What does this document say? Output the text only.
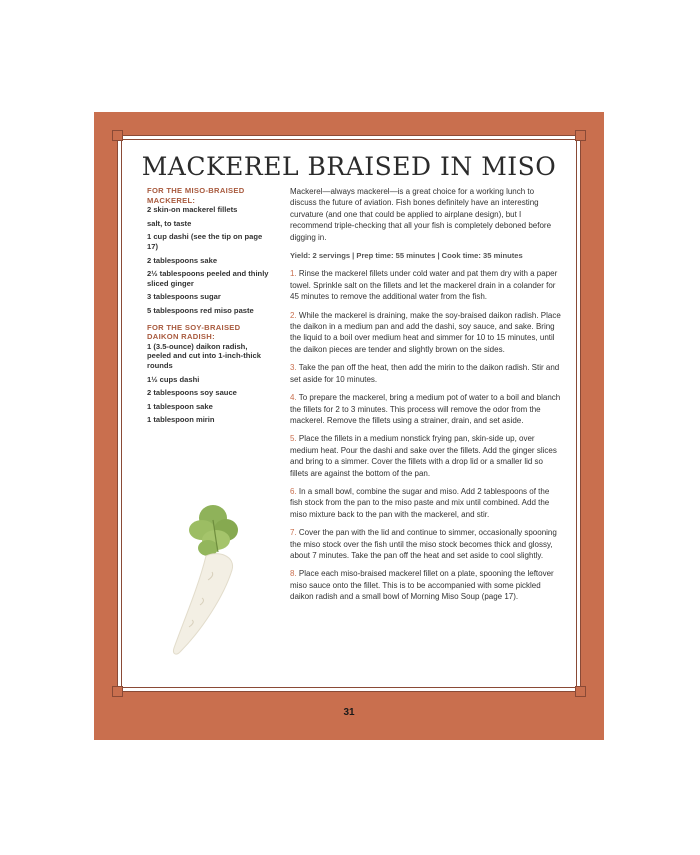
MACKEREL BRAISED IN MISO
FOR THE MISO-BRAISED MACKEREL:
2 skin-on mackerel fillets
salt, to taste
1 cup dashi (see the tip on page 17)
2 tablespoons sake
2½ tablespoons peeled and thinly sliced ginger
3 tablespoons sugar
5 tablespoons red miso paste
FOR THE SOY-BRAISED DAIKON RADISH:
1 (3.5-ounce) daikon radish, peeled and cut into 1-inch-thick rounds
1½ cups dashi
2 tablespoons soy sauce
1 tablespoon sake
1 tablespoon mirin

Mackerel—always mackerel—is a great choice for a working lunch to discuss the future of aviation. Fish bones definitely have an interesting curvature (and one that could be applied to airplane design), but I recommend triple-checking that all your fish is completely deboned before digging in.

Yield: 2 servings | Prep time: 55 minutes | Cook time: 35 minutes

1. Rinse the mackerel fillets under cold water and pat them dry with a paper towel. Sprinkle salt on the fillets and let the mackerel drain in a colander for 45 minutes to remove the additional water from the fish.

2. While the mackerel is draining, make the soy-braised daikon radish. Place the daikon in a medium pan and add the dashi, soy sauce, and sake. Bring the liquid to a boil over medium heat and simmer for 10 to 15 minutes, until the daikon pieces are tender and slightly brown on the sides.

3. Take the pan off the heat, then add the mirin to the daikon radish. Stir and set aside for 10 minutes.

4. To prepare the mackerel, bring a medium pot of water to a boil and blanch the fillets for 2 to 3 minutes. This process will remove the odor from the mackerel. Remove the fillets using a strainer, drain, and set aside.

5. Place the fillets in a medium nonstick frying pan, skin-side up, over medium heat. Pour the dashi and sake over the fillets. Add the ginger slices and bring to a simmer. Cover the fillets with a drop lid or a smaller lid so fillets are against the bottom of the pan.

6. In a small bowl, combine the sugar and miso. Add 2 tablespoons of the fish stock from the pan to the miso paste and mix until combined. Add the miso mixture back to the pan with the mackerel, and stir.

7. Cover the pan with the lid and continue to simmer, occasionally spooning the miso stock over the fish until the miso stock becomes thick and glossy, about 7 minutes. Take the pan off the heat and set aside to cool slightly.

8. Place each miso-braised mackerel fillet on a plate, spooning the leftover miso sauce onto the fillet. This is to be accompanied with some pickled daikon radish and a small bowl of Morning Miso Soup (page 17).

31
